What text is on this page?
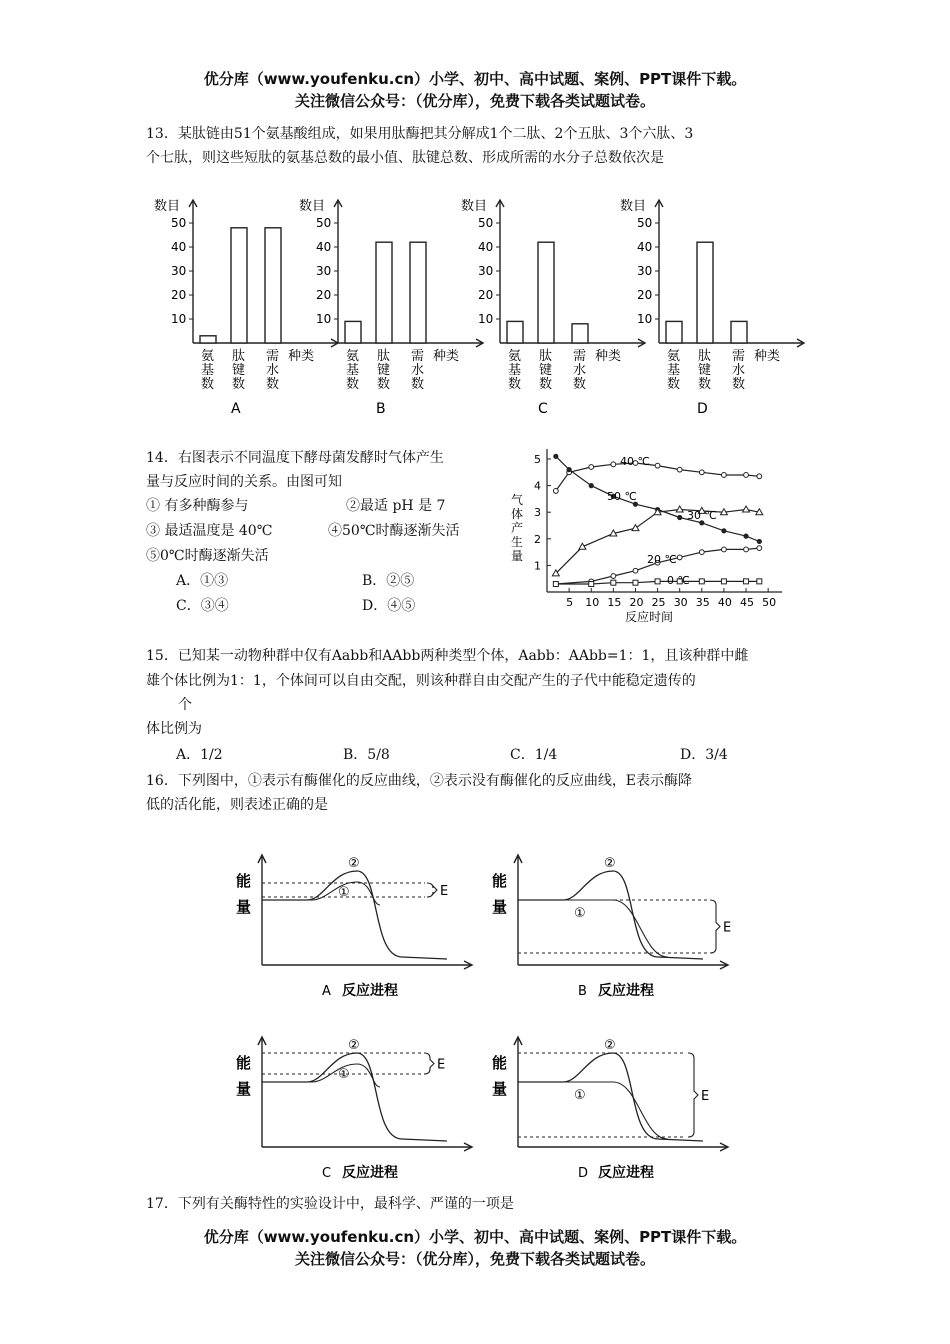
优分库（www.youfenku.cn）小学、初中、高中试题、案例、PPT课件下载。
关注微信公众号：（优分库），免费下载各类试题试卷。
13．某肽链由51个氨基酸组成，如果用肽酶把其分解成1个二肽、2个五肽、3个六肽、3
个七肽，则这些短肽的氨基总数的最小值、肽键总数、形成所需的水分子总数依次是
数目
种类
10
20
30
40
50
氨
基
数
肽
键
数
需
水
数
A
数目
种类
10
20
30
40
50
氨
基
数
肽
键
数
需
水
数
B
数目
种类
10
20
30
40
50
氨
基
数
肽
键
数
需
水
数
C
数目
种类
10
20
30
40
50
氨
基
数
肽
键
数
需
水
数
D
14．右图表示不同温度下酵母菌发酵时气体产生
量与反应时间的关系。由图可知
① 有多种酶参与	②最适 pH 是 7
③ 最适温度是 40℃	④50℃时酶逐渐失活
⑤0℃时酶逐渐失活
A．①③	B．②⑤
C．③④	D．④⑤
1
2
3
4
5
5 10 15 20 25 30 35 40 45 50
反应时间
气
体
产
生
量
40 ℃
50 ℃
30 ℃
20 ℃
0 ℃
15．已知某一动物种群中仅有Aabb和AAbb两种类型个体，Aabb：AAbb=1：1，且该种群中雌
雄个体比例为1：1，个体间可以自由交配，则该种群自由交配产生的子代中能稳定遗传的
个
体比例为
A．1/2	B．5/8	C．1/4	D．3/4
16．下列图中，①表示有酶催化的反应曲线，②表示没有酶催化的反应曲线，E表示酶降
低的活化能，则表述正确的是
能
量
反应进程
A
②
①	E
能
量
反应进程
B
②
①
E
能
量
反应进程
C
②
①
E	能
量
反应进程
D
②
①	E
17．下列有关酶特性的实验设计中，最科学、严谨的一项是
优分库（www.youfenku.cn）小学、初中、高中试题、案例、PPT课件下载。
关注微信公众号：（优分库），免费下载各类试题试卷。
